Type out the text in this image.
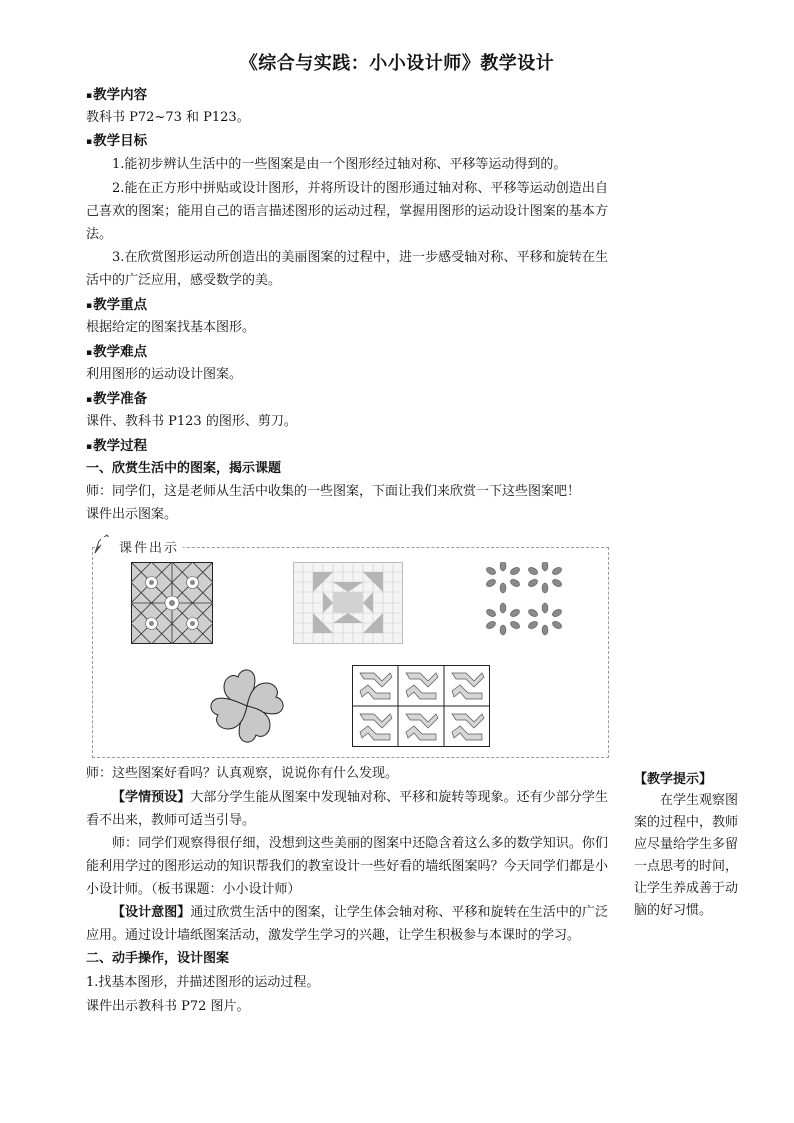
《综合与实践：小小设计师》教学设计
▪教学内容
教科书 P72~73 和 P123。
▪教学目标
1.能初步辨认生活中的一些图案是由一个图形经过轴对称、平移等运动得到的。
2.能在正方形中拼贴或设计图形，并将所设计的图形通过轴对称、平移等运动创造出自己喜欢的图案；能用自己的语言描述图形的运动过程，掌握用图形的运动设计图案的基本方法。
3.在欣赏图形运动所创造出的美丽图案的过程中，进一步感受轴对称、平移和旋转在生活中的广泛应用，感受数学的美。
▪教学重点
根据给定的图案找基本图形。
▪教学难点
利用图形的运动设计图案。
▪教学准备
课件、教科书 P123 的图形、剪刀。
▪教学过程
一、欣赏生活中的图案，揭示课题
师：同学们，这是老师从生活中收集的一些图案，下面让我们来欣赏一下这些图案吧！
课件出示图案。
课件出示
师：这些图案好看吗？认真观察，说说你有什么发现。
【学情预设】大部分学生能从图案中发现轴对称、平移和旋转等现象。还有少部分学生看不出来，教师可适当引导。
师：同学们观察得很仔细，没想到这些美丽的图案中还隐含着这么多的数学知识。你们能利用学过的图形运动的知识帮我们的教室设计一些好看的墙纸图案吗？今天同学们都是小小设计师。（板书课题：小小设计师）
【设计意图】通过欣赏生活中的图案，让学生体会轴对称、平移和旋转在生活中的广泛应用。通过设计墙纸图案活动，激发学生学习的兴趣，让学生积极参与本课时的学习。
二、动手操作，设计图案
1.找基本图形，并描述图形的运动过程。
课件出示教科书 P72 图片。
【教学提示】
在学生观察图案的过程中，教师应尽量给学生多留一点思考的时间，让学生养成善于动脑的好习惯。
